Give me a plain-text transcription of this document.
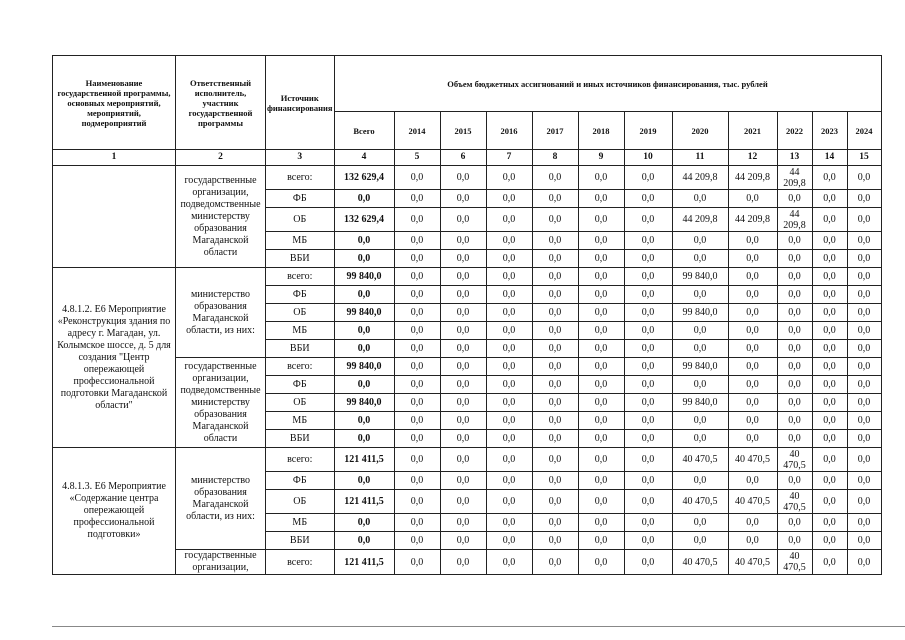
Наименование государственной программы, основных мероприятий, мероприятий, подмероприятий	Ответственный исполнитель, участник государственной программы	Источник финансирования	Объем бюджетных ассигнований и иных источников финансирования, тыс. рублей											
			Всего	2014	2015	2016	2017	2018	2019	2020	2021	2022	2023	2024
1	2	3	4	5	6	7	8	9	10	11	12	13	14	15
	государственные организации, подведомственные министерству образования Магаданской области	всего:	132 629,4	0,0	0,0	0,0	0,0	0,0	0,0	44 209,8	44 209,8	44 209,8	0,0	0,0
		ФБ	0,0	0,0	0,0	0,0	0,0	0,0	0,0	0,0	0,0	0,0	0,0	0,0
		ОБ	132 629,4	0,0	0,0	0,0	0,0	0,0	0,0	44 209,8	44 209,8	44 209,8	0,0	0,0
		МБ	0,0	0,0	0,0	0,0	0,0	0,0	0,0	0,0	0,0	0,0	0,0	0,0
		ВБИ	0,0	0,0	0,0	0,0	0,0	0,0	0,0	0,0	0,0	0,0	0,0	0,0
4.8.1.2. Е6 Мероприятие «Реконструкция здания по адресу г. Магадан, ул. Колымское шоссе, д. 5 для создания "Центр опережающей профессиональной подготовки Магаданской области"	министерство образования Магаданской области, из них:	всего:	99 840,0	0,0	0,0	0,0	0,0	0,0	0,0	99 840,0	0,0	0,0	0,0	0,0
		ФБ	0,0	0,0	0,0	0,0	0,0	0,0	0,0	0,0	0,0	0,0	0,0	0,0
		ОБ	99 840,0	0,0	0,0	0,0	0,0	0,0	0,0	99 840,0	0,0	0,0	0,0	0,0
		МБ	0,0	0,0	0,0	0,0	0,0	0,0	0,0	0,0	0,0	0,0	0,0	0,0
		ВБИ	0,0	0,0	0,0	0,0	0,0	0,0	0,0	0,0	0,0	0,0	0,0	0,0
	государственные организации, подведомственные министерству образования Магаданской области	всего:	99 840,0	0,0	0,0	0,0	0,0	0,0	0,0	99 840,0	0,0	0,0	0,0	0,0
		ФБ	0,0	0,0	0,0	0,0	0,0	0,0	0,0	0,0	0,0	0,0	0,0	0,0
		ОБ	99 840,0	0,0	0,0	0,0	0,0	0,0	0,0	99 840,0	0,0	0,0	0,0	0,0
		МБ	0,0	0,0	0,0	0,0	0,0	0,0	0,0	0,0	0,0	0,0	0,0	0,0
		ВБИ	0,0	0,0	0,0	0,0	0,0	0,0	0,0	0,0	0,0	0,0	0,0	0,0
4.8.1.3. Е6 Мероприятие «Содержание центра опережающей профессиональной подготовки»	министерство образования Магаданской области, из них:	всего:	121 411,5	0,0	0,0	0,0	0,0	0,0	0,0	40 470,5	40 470,5	40 470,5	0,0	0,0
		ФБ	0,0	0,0	0,0	0,0	0,0	0,0	0,0	0,0	0,0	0,0	0,0	0,0
		ОБ	121 411,5	0,0	0,0	0,0	0,0	0,0	0,0	40 470,5	40 470,5	40 470,5	0,0	0,0
		МБ	0,0	0,0	0,0	0,0	0,0	0,0	0,0	0,0	0,0	0,0	0,0	0,0
		ВБИ	0,0	0,0	0,0	0,0	0,0	0,0	0,0	0,0	0,0	0,0	0,0	0,0
	государственные организации,	всего:	121 411,5	0,0	0,0	0,0	0,0	0,0	0,0	40 470,5	40 470,5	40 470,5	0,0	0,0
